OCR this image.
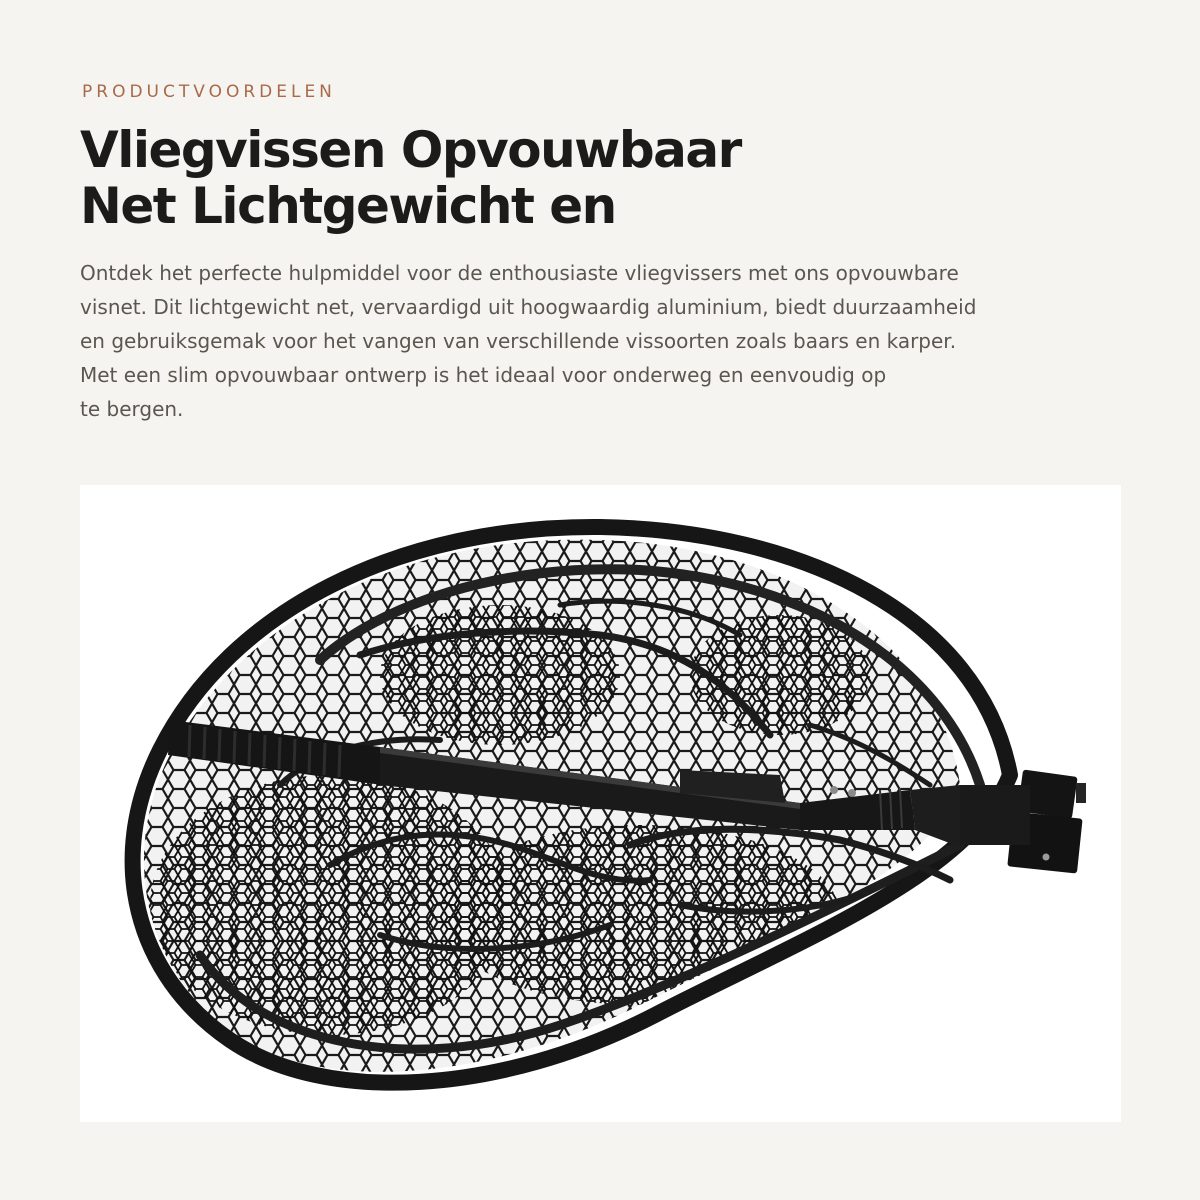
PRODUCTVOORDELEN
Vliegvissen Opvouwbaar
Net Lichtgewicht en

Ontdek het perfecte hulpmiddel voor de enthousiaste vliegvissers met ons opvouwbare
visnet. Dit lichtgewicht net, vervaardigd uit hoogwaardig aluminium, biedt duurzaamheid
en gebruiksgemak voor het vangen van verschillende vissoorten zoals baars en karper.
Met een slim opvouwbaar ontwerp is het ideaal voor onderweg en eenvoudig op
te bergen.
